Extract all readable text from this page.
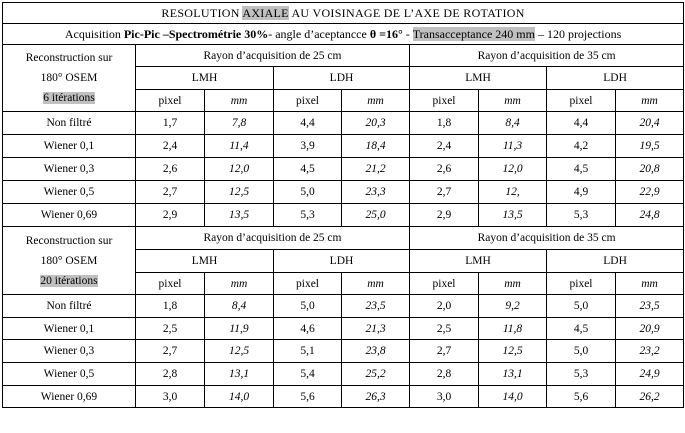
RESOLUTION AXIALE AU VOISINAGE DE L’AXE DE ROTATION								
Acquisition Pic-Pic –Spectrométrie 30%- angle d’aceptancce θ =16° - Transacceptance 240 mm – 120 projections								

Reconstruction sur
180° OSEM
6 itérations	Rayon d’acquisition de 25 cm				Rayon d’acquisition de 35 cm			
	LMH		LDH		LMH		LDH	
	pixel	mm	pixel	mm	pixel	mm	pixel	mm
Non filtré	1,7	7,8	4,4	20,3	1,8	8,4	4,4	20,4
Wiener 0,1	2,4	11,4	3,9	18,4	2,4	11,3	4,2	19,5
Wiener 0,3	2,6	12,0	4,5	21,2	2,6	12,0	4,5	20,8
Wiener 0,5	2,7	12,5	5,0	23,3	2,7	12,	4,9	22,9
Wiener 0,69	2,9	13,5	5,3	25,0	2,9	13,5	5,3	24,8

Reconstruction sur
180° OSEM
20 itérations	Rayon d’acquisition de 25 cm				Rayon d’acquisition de 35 cm			
	LMH		LDH		LMH		LDH	
	pixel	mm	pixel	mm	pixel	mm	pixel	mm
Non filtré	1,8	8,4	5,0	23,5	2,0	9,2	5,0	23,5
Wiener 0,1	2,5	11,9	4,6	21,3	2,5	11,8	4,5	20,9
Wiener 0,3	2,7	12,5	5,1	23,8	2,7	12,5	5,0	23,2
Wiener 0,5	2,8	13,1	5,4	25,2	2,8	13,1	5,3	24,9
Wiener 0,69	3,0	14,0	5,6	26,3	3,0	14,0	5,6	26,2
